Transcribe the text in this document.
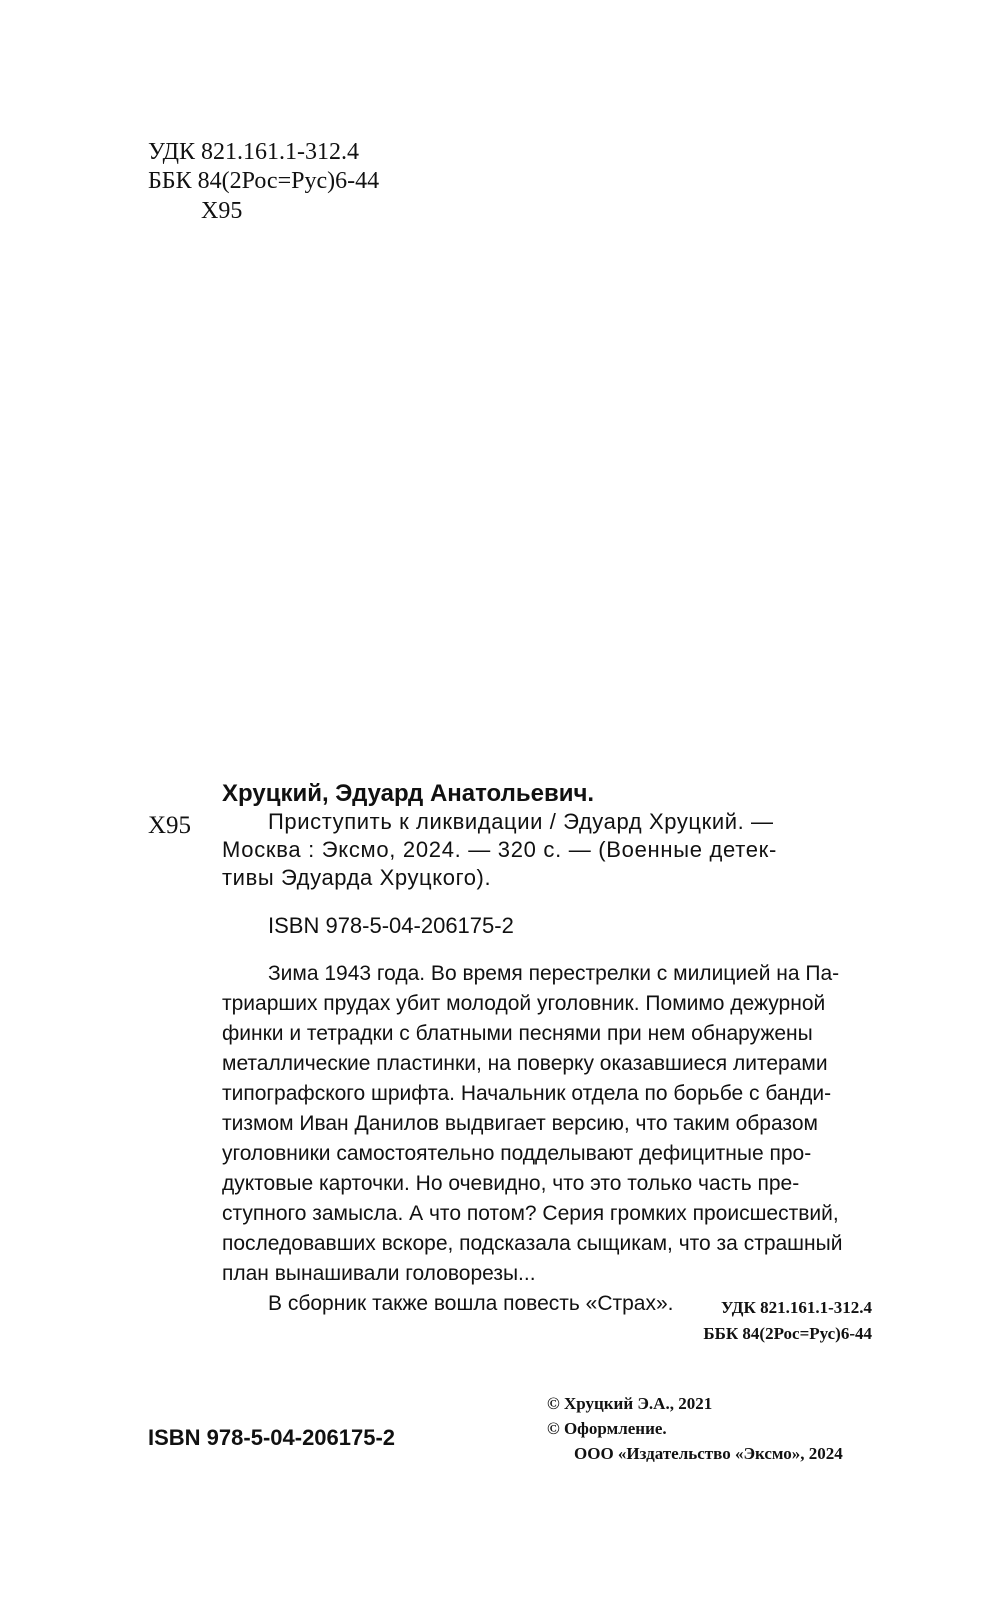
УДК 821.161.1-312.4
ББК 84(2Рос=Рус)6-44
Х95
Хруцкий, Эдуард Анатольевич.
Х95	Приступить к ликвидации / Эдуард Хруцкий. —
Москва : Эксмо, 2024. — 320 с. — (Военные детек-
тивы Эдуарда Хруцкого).
ISBN 978-5-04-206175-2
Зима 1943 года. Во время перестрелки с милицией на Па-
триарших прудах убит молодой уголовник. Помимо дежурной
финки и тетрадки с блатными песнями при нем обнаружены
металлические пластинки, на поверку оказавшиеся литерами
типографского шрифта. Начальник отдела по борьбе с банди-
тизмом Иван Данилов выдвигает версию, что таким образом
уголовники самостоятельно подделывают дефицитные про-
дуктовые карточки. Но очевидно, что это только часть пре-
ступного замысла. А что потом? Серия громких происшествий,
последовавших вскоре, подсказала сыщикам, что за страшный
план вынашивали головорезы...
В сборник также вошла повесть «Страх».	УДК 821.161.1-312.4
ББК 84(2Рос=Рус)6-44
© Хруцкий Э.А., 2021
© Оформление.
ООО «Издательство «Эксмо», 2024
ISBN 978-5-04-206175-2
